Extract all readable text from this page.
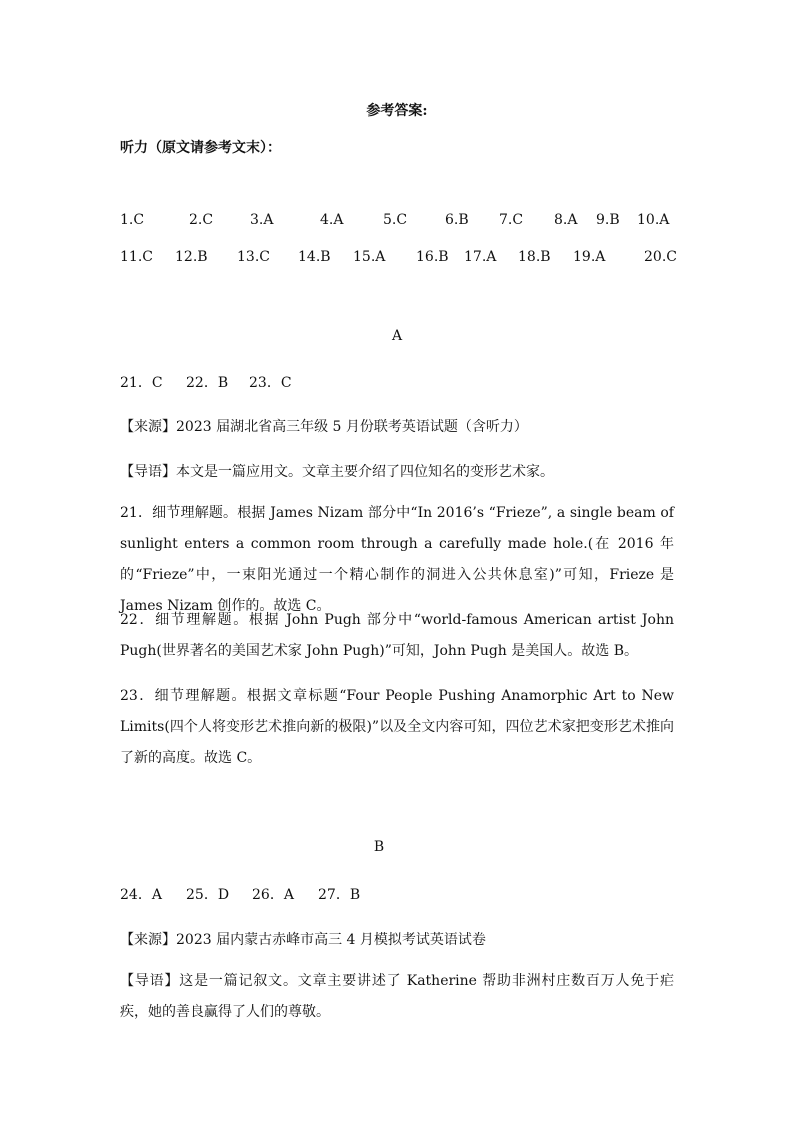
参考答案:
听力（原文请参考文末）：
1.C	2.C	3.A	4.A	5.C	6.B 7.C 8.A 9.B 10.A
11.C 12.B 13.C 14.B 15.A 16.B 17.A 18.B 19.A	20.C
A
21．C 22．B 23．C
【来源】2023 届湖北省高三年级 5 月份联考英语试题（含听力）
【导语】本文是一篇应用文。文章主要介绍了四位知名的变形艺术家。
21．细节理解题。根据 James Nizam 部分中“In 2016’s “Frieze”, a single beam of sunlight enters a common room through a carefully made hole.(在 2016 年的“Frieze”中，一束阳光通过一个精心制作的洞进入公共休息室)”可知，Frieze 是 James Nizam 创作的。故选 C。
22．细节理解题。根据 John Pugh 部分中“world-famous American artist John Pugh(世界著名的美国艺术家 John Pugh)”可知，John Pugh 是美国人。故选 B。
23．细节理解题。根据文章标题“Four People Pushing Anamorphic Art to New Limits(四个人将变形艺术推向新的极限)”以及全文内容可知，四位艺术家把变形艺术推向了新的高度。故选 C。
B
24．A 25．D 26．A 27．B
【来源】2023 届内蒙古赤峰市高三 4 月模拟考试英语试卷
【导语】这是一篇记叙文。文章主要讲述了 Katherine 帮助非洲村庄数百万人免于疟疾，她的善良赢得了人们的尊敬。
